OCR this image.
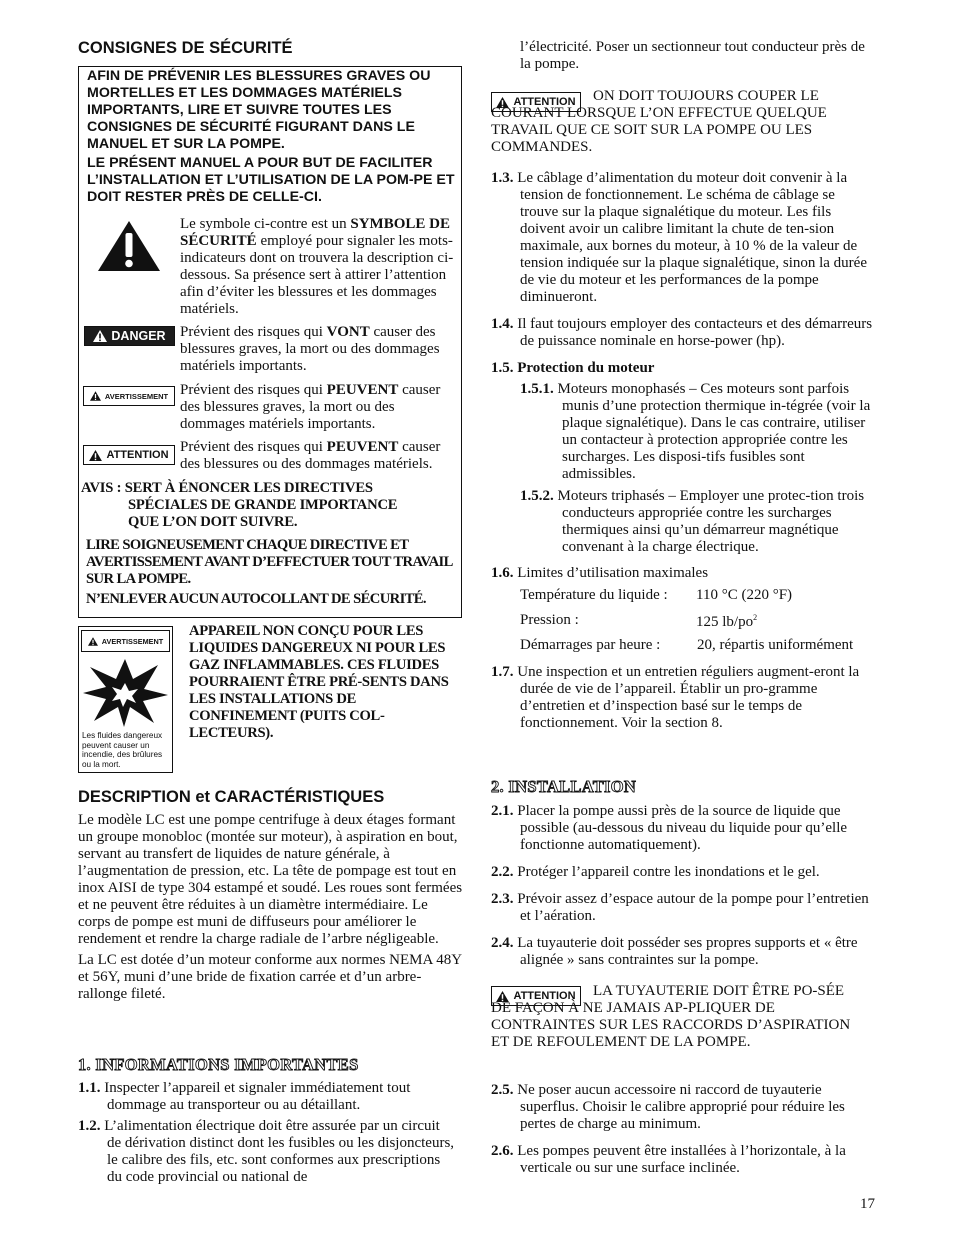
CONSIGNES DE SÉCURITÉ

AFIN DE PRÉVENIR LES BLESSURES GRAVES OU MORTELLES ET LES DOMMAGES MATÉRIELS IMPORTANTS, LIRE ET SUIVRE TOUTES LES CONSIGNES DE SÉCURITÉ FIGURANT DANS LE MANUEL ET SUR LA POMPE.

LE PRÉSENT MANUEL A POUR BUT DE FACILITER L’INSTALLATION ET L’UTILISATION DE LA POM-PE ET DOIT RESTER PRÈS DE CELLE-CI.

Le symbole ci-contre est un SYMBOLE DE SÉCURITÉ employé pour signaler les mots-indicateurs dont on trouvera la description ci-dessous. Sa présence sert à attirer l’attention afin d’éviter les blessures et les dommages matériels.
DANGER Prévient des risques qui VONT causer des blessures graves, la mort ou des dommages matériels importants.
AVERTISSEMENT Prévient des risques qui PEUVENT causer des blessures graves, la mort ou des dommages matériels importants.
ATTENTION Prévient des risques qui PEUVENT causer des blessures ou des dommages matériels.
AVIS : SERT À ÉNONCER LES DIRECTIVES
SPÉCIALES DE GRANDE IMPORTANCE
QUE L’ON DOIT SUIVRE.

LIRE SOIGNEUSEMENT CHAQUE DIRECTIVE ET AVERTISSEMENT AVANT D’EFFECTUER TOUT TRAVAIL SUR LA POMPE.

N’ENLEVER AUCUN AUTOCOLLANT DE SÉCURITÉ.

AVERTISSEMENT
Les fluides dangereux peuvent causer un incendie, des brûlures ou la mort.
APPAREIL NON CONÇU POUR LES LIQUIDES DANGEREUX NI POUR LES GAZ INFLAMMABLES. CES FLUIDES POURRAIENT ÊTRE PRÉ-SENTS DANS LES INSTALLATIONS DE CONFINEMENT (PUITS COL-LECTEURS).
DESCRIPTION et CARACTÉRISTIQUES

Le modèle LC est une pompe centrifuge à deux étages formant un groupe monobloc (montée sur moteur), à aspiration en bout, servant au transfert de liquides de nature générale, à l’augmentation de pression, etc. La tête de pompage est tout en inox AISI de type 304 estampé et soudé. Les roues sont fermées et ne peuvent être réduites à un diamètre intermédiaire. Le corps de pompe est muni de diffuseurs pour améliorer le rendement et rendre la charge radiale de l’arbre négligeable.

La LC est dotée d’un moteur conforme aux normes NEMA 48Y et 56Y, muni d’une bride de fixation carrée et d’un arbre-rallonge fileté.

1. INFORMATIONS IMPORTANTES

1.1. Inspecter l’appareil et signaler immédiatement tout dommage au transporteur ou au détaillant.

1.2. L’alimentation électrique doit être assurée par un circuit de dérivation distinct dont les fusibles ou les disjoncteurs, le calibre des fils, etc. sont conformes aux prescriptions du code provincial ou national de

l’électricité. Poser un sectionneur tout conducteur près de la pompe.
ATTENTION	ON DOIT TOUJOURS COUPER LE COURANT LORSQUE L’ON EFFECTUE QUELQUE TRAVAIL QUE CE SOIT SUR LA POMPE OU LES COMMANDES.

1.3. Le câblage d’alimentation du moteur doit convenir à la tension de fonctionnement. Le schéma de câblage se trouve sur la plaque signalétique du moteur. Les fils doivent avoir un calibre limitant la chute de ten-sion maximale, aux bornes du moteur, à 10 % de la valeur de tension indiquée sur la plaque signalétique, sinon la durée de vie du moteur et les performances de la pompe diminueront.

1.4. Il faut toujours employer des contacteurs et des démarreurs de puissance nominale en horse-power (hp).

1.5. Protection du moteur

1.5.1. Moteurs monophasés – Ces moteurs sont parfois munis d’une protection thermique in-tégrée (voir la plaque signalétique). Dans le cas contraire, utiliser un contacteur à protection appropriée contre les surcharges. Les disposi-tifs fusibles sont admissibles.

1.5.2. Moteurs triphasés – Employer une protec-tion trois conducteurs appropriée contre les surcharges thermiques ainsi qu’un démarreur magnétique convenant à la charge électrique.

1.6. Limites d’utilisation maximales

Température du liquide :	110 °C (220 °F)
Pression :	125 $lb/po^2$
Démarrages par heure :	20, répartis uniformément

1.7. Une inspection et un entretien réguliers augment-eront la durée de vie de l’appareil. Établir un pro-gramme d’entretien et d’inspection basé sur le temps de fonctionnement. Voir la section 8.

2. INSTALLATION

2.1. Placer la pompe aussi près de la source de liquide que possible (au-dessous du niveau du liquide pour qu’elle fonctionne automatiquement).

2.2. Protéger l’appareil contre les inondations et le gel.

2.3. Prévoir assez d’espace autour de la pompe pour l’entretien et l’aération.

2.4. La tuyauterie doit posséder ses propres supports et « être alignée » sans contraintes sur la pompe.

ATTENTION	LA TUYAUTERIE DOIT ÊTRE PO-SÉE DE FAÇON À NE JAMAIS AP-PLIQUER DE CONTRAINTES SUR LES RACCORDS D’ASPIRATION ET DE REFOULEMENT DE LA POMPE.

2.5. Ne poser aucun accessoire ni raccord de tuyauterie superflus. Choisir le calibre approprié pour réduire les pertes de charge au minimum.

2.6. Les pompes peuvent être installées à l’horizontale, à la verticale ou sur une surface inclinée.

17
